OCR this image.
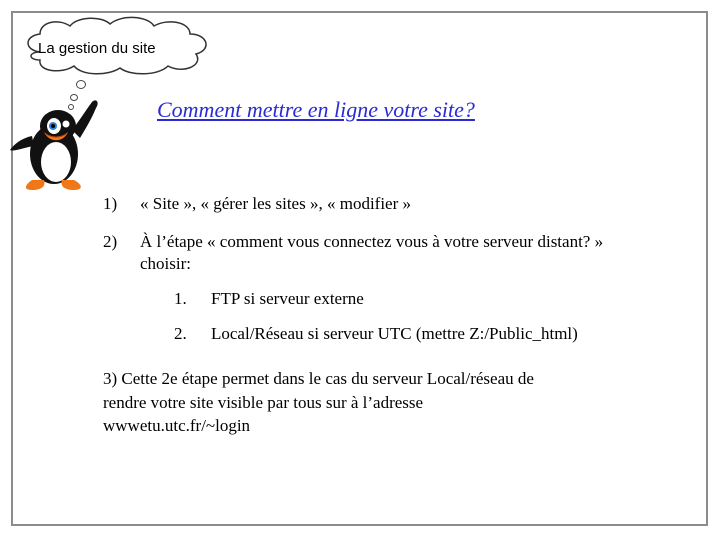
La gestion du site
Comment mettre en ligne votre site?
1) « Site », « gérer les sites », « modifier »
2) À l’étape « comment vous connectez vous à votre serveur distant? »
choisir:
1. FTP si serveur externe
2. Local/Réseau si serveur UTC (mettre Z:/Public_html)
3) Cette 2e étape permet dans le cas du serveur Local/réseau de
rendre votre site visible par tous sur à l’adresse
wwwetu.utc.fr/~login
